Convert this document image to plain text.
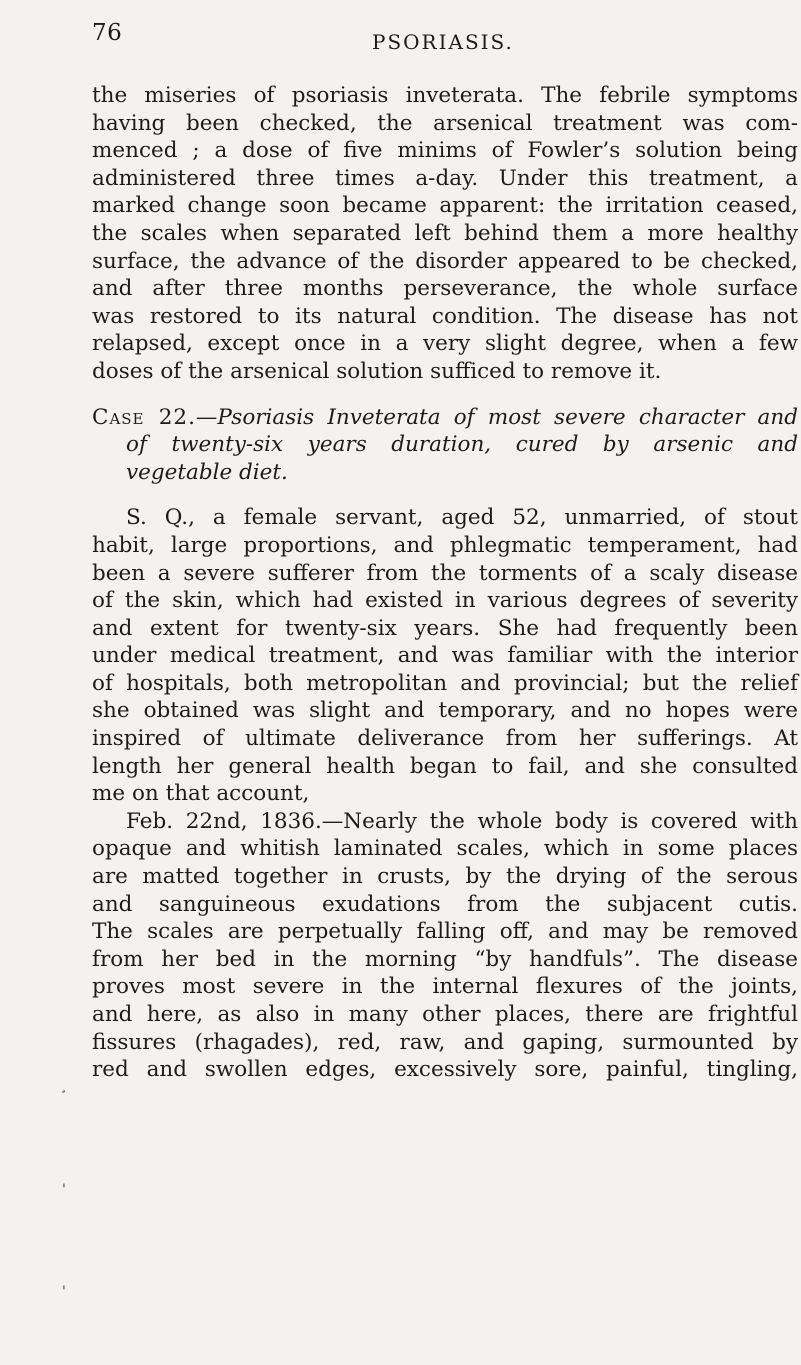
76	PSORIASIS.
the miseries of psoriasis inveterata. The febrile symptoms
having been checked, the arsenical treatment was com-
menced ; a dose of five minims of Fowler’s solution being
administered three times a-day. Under this treatment, a
marked change soon became apparent: the irritation ceased,
the scales when separated left behind them a more healthy
surface, the advance of the disorder appeared to be checked,
and after three months perseverance, the whole surface
was restored to its natural condition. The disease has not
relapsed, except once in a very slight degree, when a few
doses of the arsenical solution sufficed to remove it.
Case 22.—Psoriasis Inveterata of most severe character and
of twenty-six years duration, cured by arsenic and
vegetable diet.
S. Q., a female servant, aged 52, unmarried, of stout
habit, large proportions, and phlegmatic temperament, had
been a severe sufferer from the torments of a scaly disease
of the skin, which had existed in various degrees of severity
and extent for twenty-six years. She had frequently been
under medical treatment, and was familiar with the interior
of hospitals, both metropolitan and provincial; but the relief
she obtained was slight and temporary, and no hopes were
inspired of ultimate deliverance from her sufferings. At
length her general health began to fail, and she consulted
me on that account,
Feb. 22nd, 1836.—Nearly the whole body is covered with
opaque and whitish laminated scales, which in some places
are matted together in crusts, by the drying of the serous
and sanguineous exudations from the subjacent cutis.
The scales are perpetually falling off, and may be removed
from her bed in the morning “by handfuls”. The disease
proves most severe in the internal flexures of the joints,
and here, as also in many other places, there are frightful
fissures (rhagades), red, raw, and gaping, surmounted by
red and swollen edges, excessively sore, painful, tingling,
¸
'
'
